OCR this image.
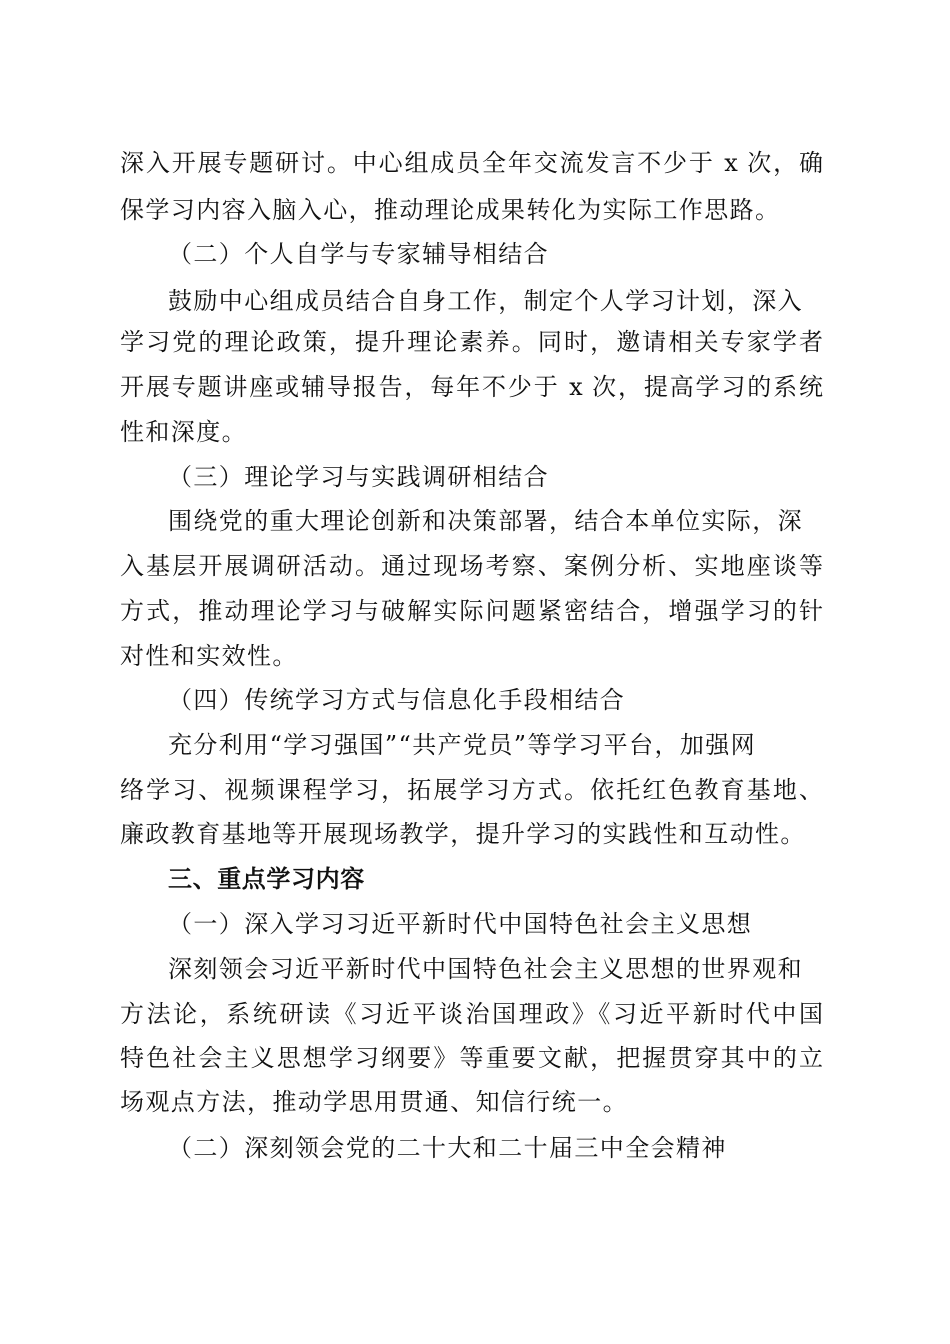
深入开展专题研讨。中心组成员全年交流发言不少于 x 次，确
保学习内容入脑入心，推动理论成果转化为实际工作思路。
（二）个人自学与专家辅导相结合
鼓励中心组成员结合自身工作，制定个人学习计划，深入
学习党的理论政策，提升理论素养。同时，邀请相关专家学者
开展专题讲座或辅导报告，每年不少于 x 次，提高学习的系统
性和深度。
（三）理论学习与实践调研相结合
围绕党的重大理论创新和决策部署，结合本单位实际，深
入基层开展调研活动。通过现场考察、案例分析、实地座谈等
方式，推动理论学习与破解实际问题紧密结合，增强学习的针
对性和实效性。
（四）传统学习方式与信息化手段相结合
充分利用“学习强国”“共产党员”等学习平台，加强网
络学习、视频课程学习，拓展学习方式。依托红色教育基地、
廉政教育基地等开展现场教学，提升学习的实践性和互动性。
三、重点学习内容
（一）深入学习习近平新时代中国特色社会主义思想
深刻领会习近平新时代中国特色社会主义思想的世界观和
方法论，系统研读《习近平谈治国理政》《习近平新时代中国
特色社会主义思想学习纲要》等重要文献，把握贯穿其中的立
场观点方法，推动学思用贯通、知信行统一。
（二）深刻领会党的二十大和二十届三中全会精神
